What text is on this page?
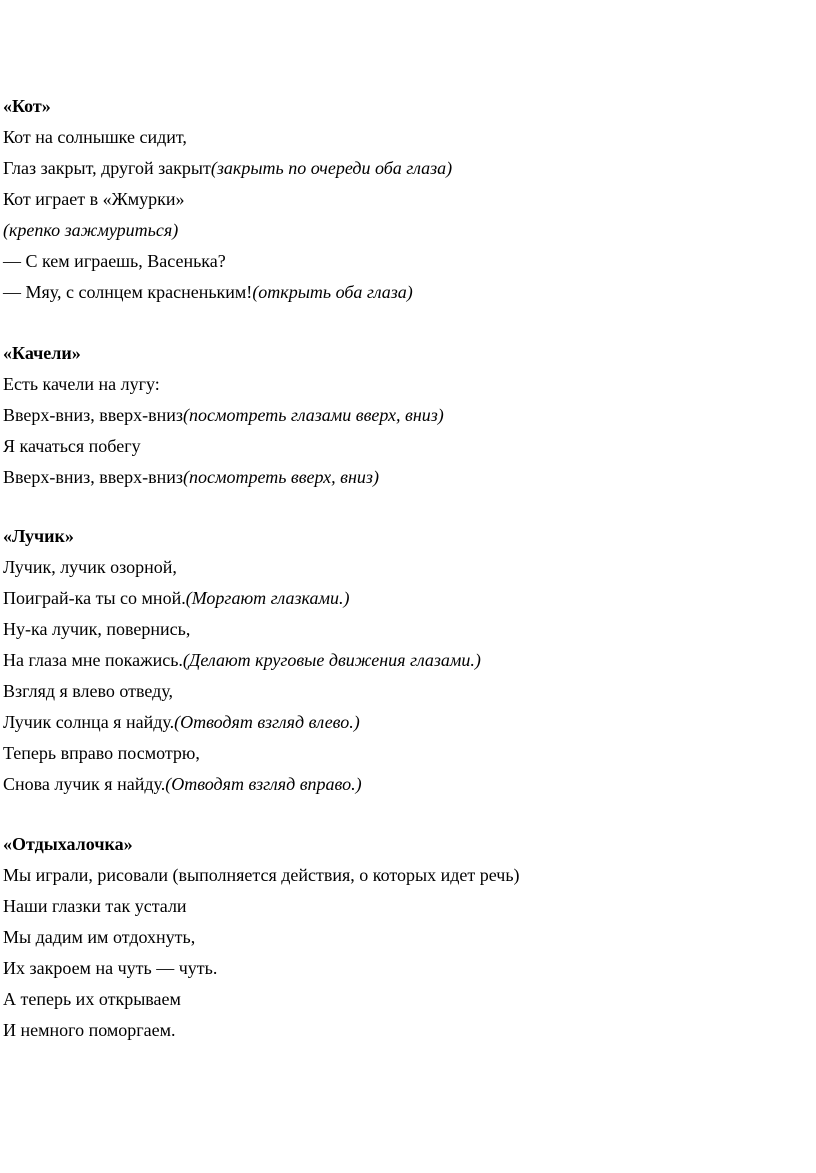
«Кот»
Кот на солнышке сидит,
Глаз закрыт, другой закрыт(закрыть по очереди оба глаза)
Кот играет в «Жмурки»
(крепко зажмуриться)
— С кем играешь, Васенька?
— Мяу, с солнцем красненьким!(открыть оба глаза)
«Качели»
Есть качели на лугу:
Вверх-вниз, вверх-вниз(посмотреть глазами вверх, вниз)
Я качаться побегу
Вверх-вниз, вверх-вниз(посмотреть вверх, вниз)
«Лучик»
Лучик, лучик озорной,
Поиграй-ка ты со мной.(Моргают глазками.)
Ну-ка лучик, повернись,
На глаза мне покажись.(Делают круговые движения глазами.)
Взгляд я влево отведу,
Лучик солнца я найду.(Отводят взгляд влево.)
Теперь вправо посмотрю,
Снова лучик я найду.(Отводят взгляд вправо.)
«Отдыхалочка»
Мы играли, рисовали (выполняется действия, о которых идет речь)
Наши глазки так устали
Мы дадим им отдохнуть,
Их закроем на чуть — чуть.
А теперь их открываем
И немного поморгаем.
